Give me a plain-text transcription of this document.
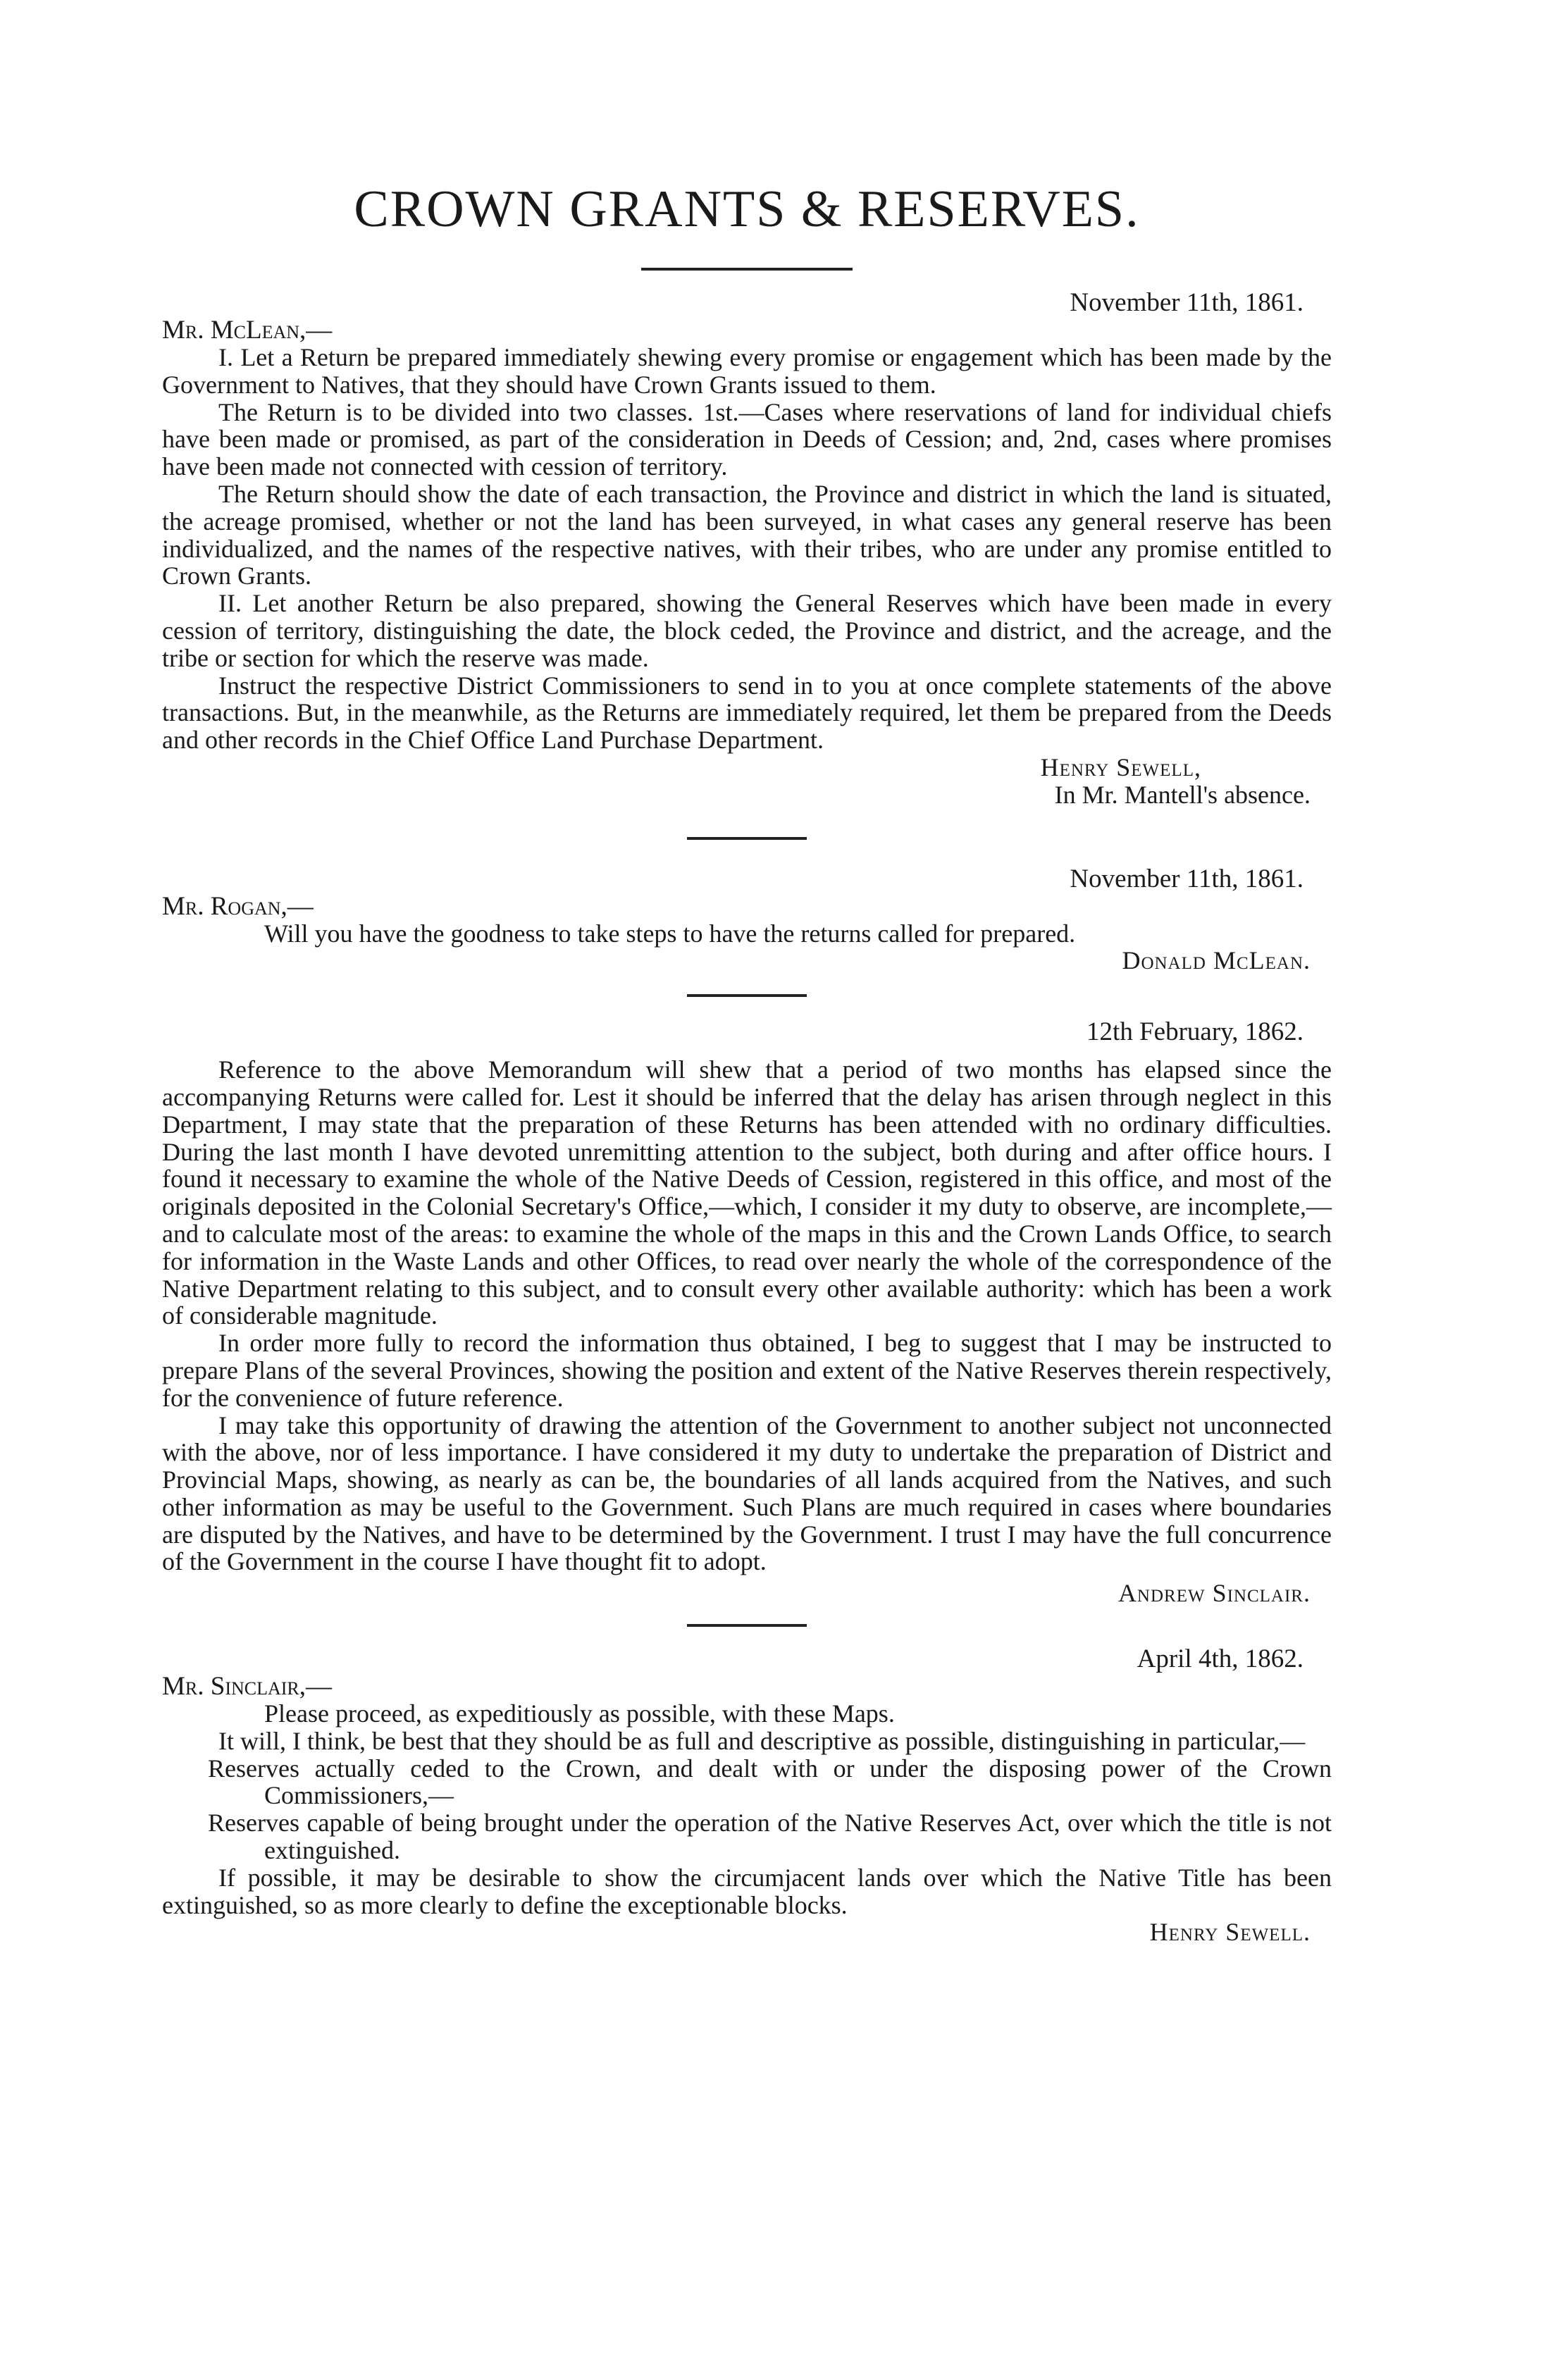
CROWN GRANTS & RESERVES.
November 11th, 1861.
Mr. McLean,—

I. Let a Return be prepared immediately shewing every promise or engagement which has been made by the Government to Natives, that they should have Crown Grants issued to them.

The Return is to be divided into two classes. 1st.—Cases where reservations of land for individual chiefs have been made or promised, as part of the consideration in Deeds of Cession; and, 2nd, cases where promises have been made not connected with cession of territory.

The Return should show the date of each transaction, the Province and district in which the land is situated, the acreage promised, whether or not the land has been surveyed, in what cases any general reserve has been individualized, and the names of the respective natives, with their tribes, who are under any promise entitled to Crown Grants.

II. Let another Return be also prepared, showing the General Reserves which have been made in every cession of territory, distinguishing the date, the block ceded, the Province and district, and the acreage, and the tribe or section for which the reserve was made.

Instruct the respective District Commissioners to send in to you at once complete statements of the above transactions. But, in the meanwhile, as the Returns are immediately required, let them be prepared from the Deeds and other records in the Chief Office Land Purchase Department.

Henry Sewell,
In Mr. Mantell's absence.
November 11th, 1861.
Mr. Rogan,—

Will you have the goodness to take steps to have the returns called for prepared.

Donald McLean.
12th February, 1862.

Reference to the above Memorandum will shew that a period of two months has elapsed since the accompanying Returns were called for. Lest it should be inferred that the delay has arisen through neglect in this Department, I may state that the preparation of these Returns has been attended with no ordinary difficulties. During the last month I have devoted unremitting attention to the subject, both during and after office hours. I found it necessary to examine the whole of the Native Deeds of Cession, registered in this office, and most of the originals deposited in the Colonial Secretary's Office,—which, I consider it my duty to observe, are incomplete,—and to calculate most of the areas: to examine the whole of the maps in this and the Crown Lands Office, to search for information in the Waste Lands and other Offices, to read over nearly the whole of the correspondence of the Native Department relating to this subject, and to consult every other available authority: which has been a work of considerable magnitude.

In order more fully to record the information thus obtained, I beg to suggest that I may be instructed to prepare Plans of the several Provinces, showing the position and extent of the Native Reserves therein respectively, for the convenience of future reference.

I may take this opportunity of drawing the attention of the Government to another subject not unconnected with the above, nor of less importance. I have considered it my duty to undertake the preparation of District and Provincial Maps, showing, as nearly as can be, the boundaries of all lands acquired from the Natives, and such other information as may be useful to the Government. Such Plans are much required in cases where boundaries are disputed by the Natives, and have to be determined by the Government. I trust I may have the full concurrence of the Government in the course I have thought fit to adopt.

Andrew Sinclair.
April 4th, 1862.
Mr. Sinclair,—

Please proceed, as expeditiously as possible, with these Maps.

It will, I think, be best that they should be as full and descriptive as possible, distinguishing in particular,—

Reserves actually ceded to the Crown, and dealt with or under the disposing power of the Crown Commissioners,—

Reserves capable of being brought under the operation of the Native Reserves Act, over which the title is not extinguished.

If possible, it may be desirable to show the circumjacent lands over which the Native Title has been extinguished, so as more clearly to define the exceptionable blocks.

Henry Sewell.
